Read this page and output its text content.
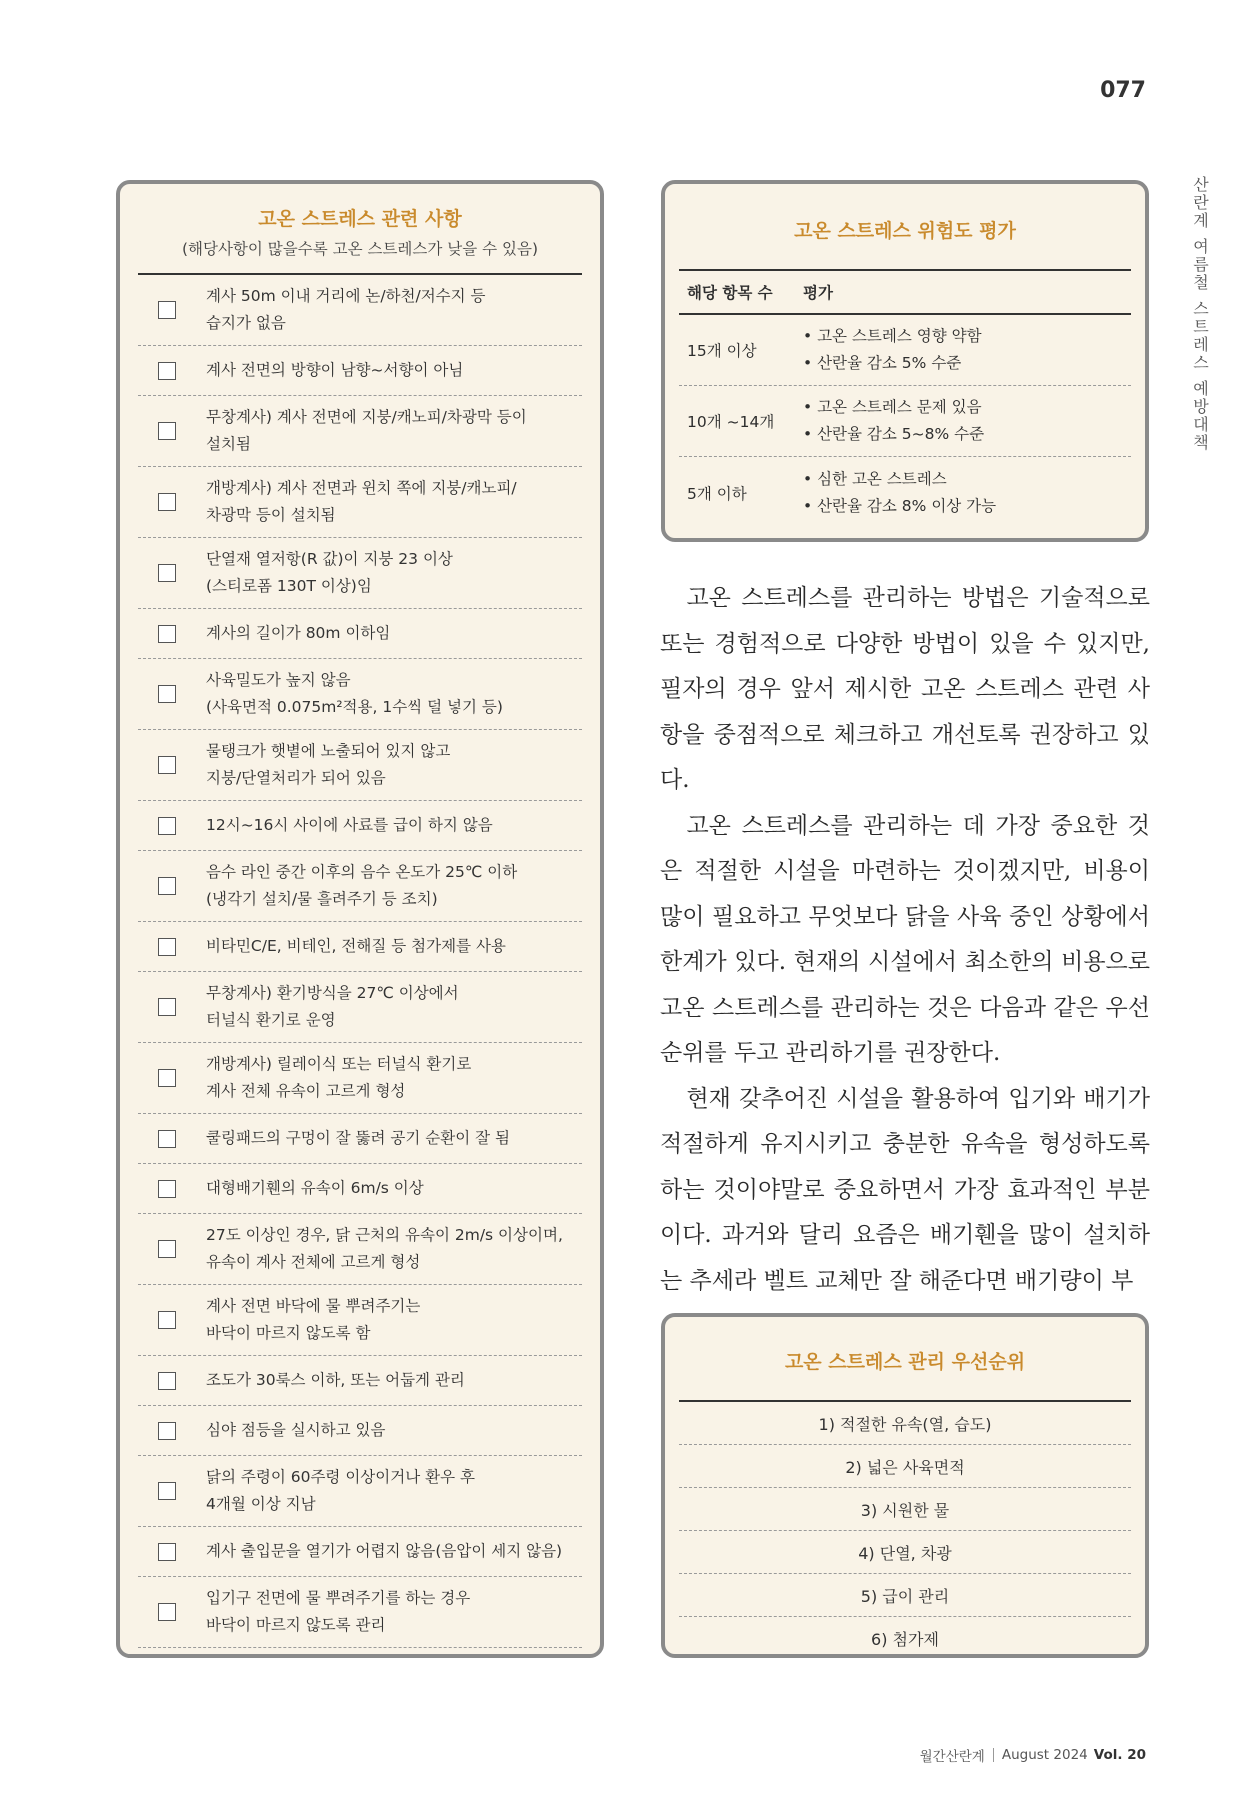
077
산
란
계
여
름
철
스
트
레
스
예
방
대
책
고온 스트레스 관련 사항
(해당사항이 많을수록 고온 스트레스가 낮을 수 있음)
계사 50m 이내 거리에 논/하천/저수지 등
습지가 없음
계사 전면의 방향이 남향~서향이 아님
무창계사) 계사 전면에 지붕/캐노피/차광막 등이
설치됨
개방계사) 계사 전면과 윈치 쪽에 지붕/캐노피/
차광막 등이 설치됨
단열재 열저항(R 값)이 지붕 23 이상
(스티로폼 130T 이상)임
계사의 길이가 80m 이하임
사육밀도가 높지 않음
(사육면적 0.075m²적용, 1수씩 덜 넣기 등)
물탱크가 햇볕에 노출되어 있지 않고
지붕/단열처리가 되어 있음
12시~16시 사이에 사료를 급이 하지 않음
음수 라인 중간 이후의 음수 온도가 25℃ 이하
(냉각기 설치/물 흘려주기 등 조치)
비타민C/E, 비테인, 전해질 등 첨가제를 사용
무창계사) 환기방식을 27℃ 이상에서
터널식 환기로 운영
개방계사) 릴레이식 또는 터널식 환기로
계사 전체 유속이 고르게 형성
쿨링패드의 구멍이 잘 뚫려 공기 순환이 잘 됨
대형배기휀의 유속이 6m/s 이상
27도 이상인 경우, 닭 근처의 유속이 2m/s 이상이며,
유속이 계사 전체에 고르게 형성
계사 전면 바닥에 물 뿌려주기는
바닥이 마르지 않도록 함
조도가 30룩스 이하, 또는 어둡게 관리
심야 점등을 실시하고 있음
닭의 주령이 60주령 이상이거나 환우 후
4개월 이상 지남
계사 출입문을 열기가 어렵지 않음(음압이 세지 않음)
입기구 전면에 물 뿌려주기를 하는 경우
바닥이 마르지 않도록 관리
고온 스트레스 위험도 평가
해당 항목 수	평가
15개 이상
• 고온 스트레스 영향 약함
• 산란율 감소 5% 수준
10개 ~14개
• 고온 스트레스 문제 있음
• 산란율 감소 5~8% 수준
5개 이하
• 심한 고온 스트레스
• 산란율 감소 8% 이상 가능

고온 스트레스를 관리하는 방법은 기술적으로 또는 경험적으로 다양한 방법이 있을 수 있지만, 필자의 경우 앞서 제시한 고온 스트레스 관련 사항을 중점적으로 체크하고 개선토록 권장하고 있다.

고온 스트레스를 관리하는 데 가장 중요한 것은 적절한 시설을 마련하는 것이겠지만, 비용이 많이 필요하고 무엇보다 닭을 사육 중인 상황에서 한계가 있다. 현재의 시설에서 최소한의 비용으로 고온 스트레스를 관리하는 것은 다음과 같은 우선순위를 두고 관리하기를 권장한다.

현재 갖추어진 시설을 활용하여 입기와 배기가 적절하게 유지시키고 충분한 유속을 형성하도록 하는 것이야말로 중요하면서 가장 효과적인 부분이다. 과거와 달리 요즘은 배기휀을 많이 설치하는 추세라 벨트 교체만 잘 해준다면 배기량이 부

고온 스트레스 관리 우선순위
1) 적절한 유속(열, 습도)
2) 넓은 사육면적
3) 시원한 물
4) 단열, 차광
5) 급이 관리
6) 첨가제
월간산란계 August 2024 Vol. 20
